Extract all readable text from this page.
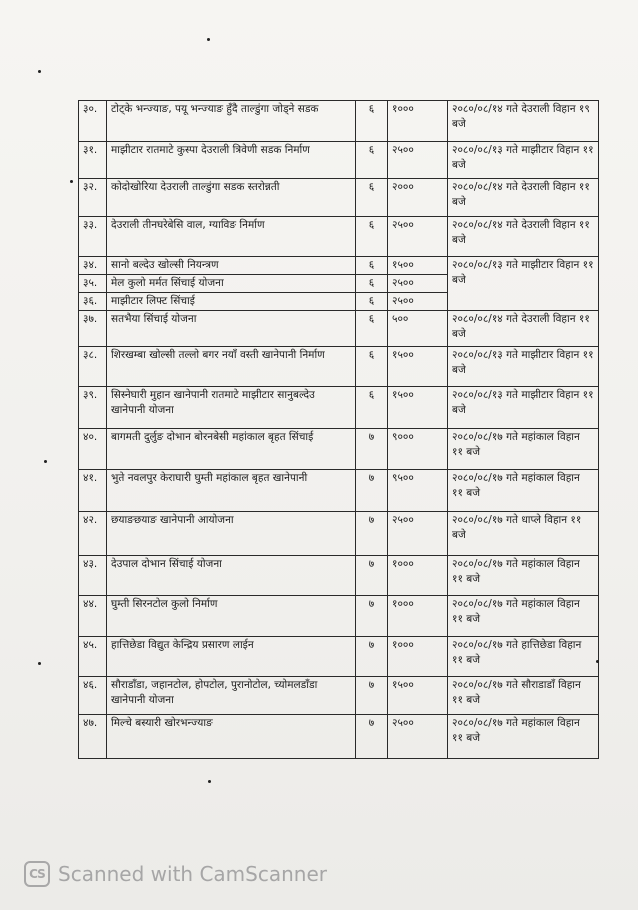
३०.	टोट्के भन्ज्याङ, पयू भन्ज्याङ हुँदै ताल्डुंगा जोड्ने सडक	६	१०००	२०८०/०८/१४ गते देउराली विहान १९ बजे
३१.	माझीटार रातमाटे कुस्पा देउराली त्रिवेणी सडक निर्माण	६	२५००	२०८०/०८/१३ गते माझीटार विहान ११ बजे
३२.	कोदोखोरिया देउराली ताल्डुंगा सडक स्तरोन्नती	६	२०००	२०८०/०८/१४ गते देउराली विहान ११ बजे
३३.	देउराली तीनघरेबेसि वाल, ग्याविङ निर्माण	६	२५००	२०८०/०८/१४ गते देउराली विहान ११ बजे
३४.	सानो बल्देउ खोल्सी नियन्त्रण	६	१५००	२०८०/०८/१३ गते माझीटार विहान ११ बजे
३५.	मेल कुलो मर्मत सिंचाई योजना	६	२५००	
३६.	माझीटार लिफ्ट सिंचाई	६	२५००	
३७.	सतभैया सिंचाई योजना	६	५००	२०८०/०८/१४ गते देउराली विहान ११ बजे
३८.	शिरखम्बा खोल्सी तल्लो बगर नयाँ वस्ती खानेपानी निर्माण	६	१५००	२०८०/०८/१३ गते माझीटार विहान ११ बजे
३९.	सिस्नेघारी मुहान खानेपानी रातमाटे माझीटार सानुबल्देउ खानेपानी योजना	६	१५००	२०८०/०८/१३ गते माझीटार विहान ११ बजे
४०.	बागमती दुर्लुङ दोभान बोरनबेसी महांकाल बृहत सिंचाई	७	९०००	२०८०/०८/१७ गते महांकाल विहान ११ बजे
४१.	भुते नवलपुर केराघारी घुम्ती महांकाल बृहत खानेपानी	७	९५००	२०८०/०८/१७ गते महांकाल विहान ११ बजे
४२.	छयाङछयाङ खानेपानी आयोजना	७	२५००	२०८०/०८/१७ गते धाप्ले विहान ११ बजे
४३.	देउपाल दोभान सिंचाई योजना	७	१०००	२०८०/०८/१७ गते महांकाल विहान ११ बजे
४४.	घुम्ती सिरनटोल कुलो निर्माण	७	१०००	२०८०/०८/१७ गते महांकाल विहान ११ बजे
४५.	हात्तिछेडा विद्युत केन्द्रिय प्रसारण लाईन	७	१०००	२०८०/०८/१७ गते हात्तिछेडा विहान ११ बजे
४६.	सौराडाँडा, जहानटोल, होपटोल, पुरानोटोल, च्योमलडाँडा खानेपानी योजना	७	१५००	२०८०/०८/१७ गते सौराडाडाँ विहान ११ बजे
४७.	मिल्चे बस्यारी खोरभन्ज्याङ	७	२५००	२०८०/०८/१७ गते महांकाल विहान ११ बजे
CS Scanned with CamScanner
